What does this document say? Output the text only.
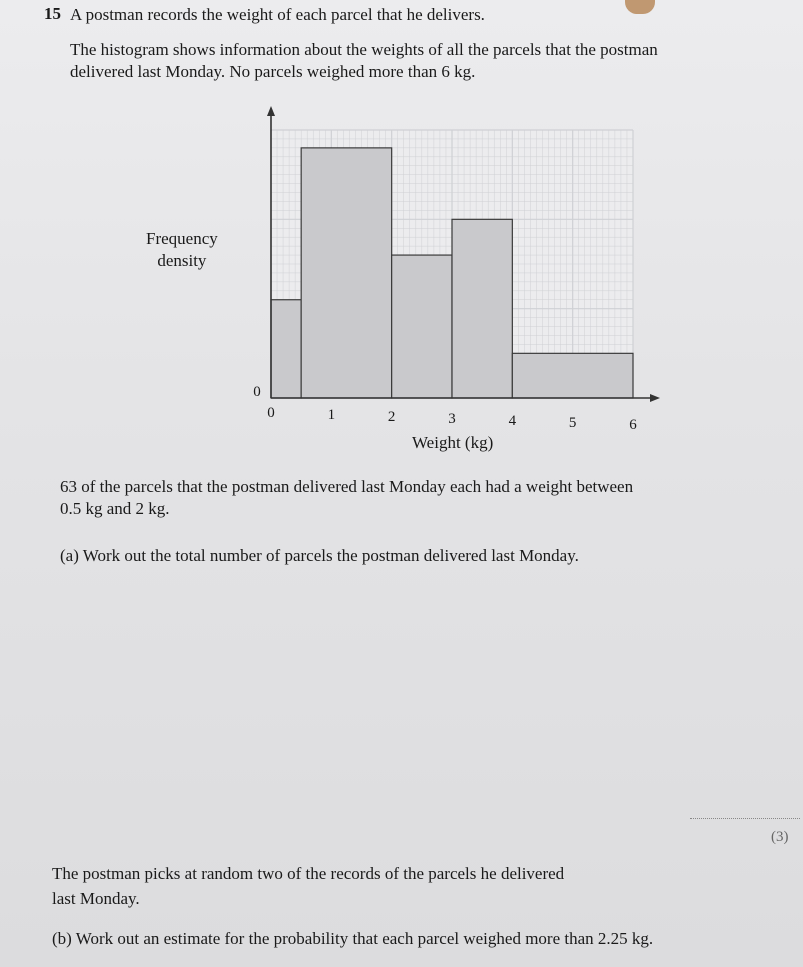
15 A postman records the weight of each parcel that he delivers.
The histogram shows information about the weights of all the parcels that the postman
delivered last Monday. No parcels weighed more than 6 kg.
Frequency
density
0	1	2	3	4	5	6
0
Weight (kg)
63 of the parcels that the postman delivered last Monday each had a weight between
0.5 kg and 2 kg.
(a) Work out the total number of parcels the postman delivered last Monday.
(3)
The postman picks at random two of the records of the parcels he delivered
last Monday.
(b) Work out an estimate for the probability that each parcel weighed more than 2.25 kg.
